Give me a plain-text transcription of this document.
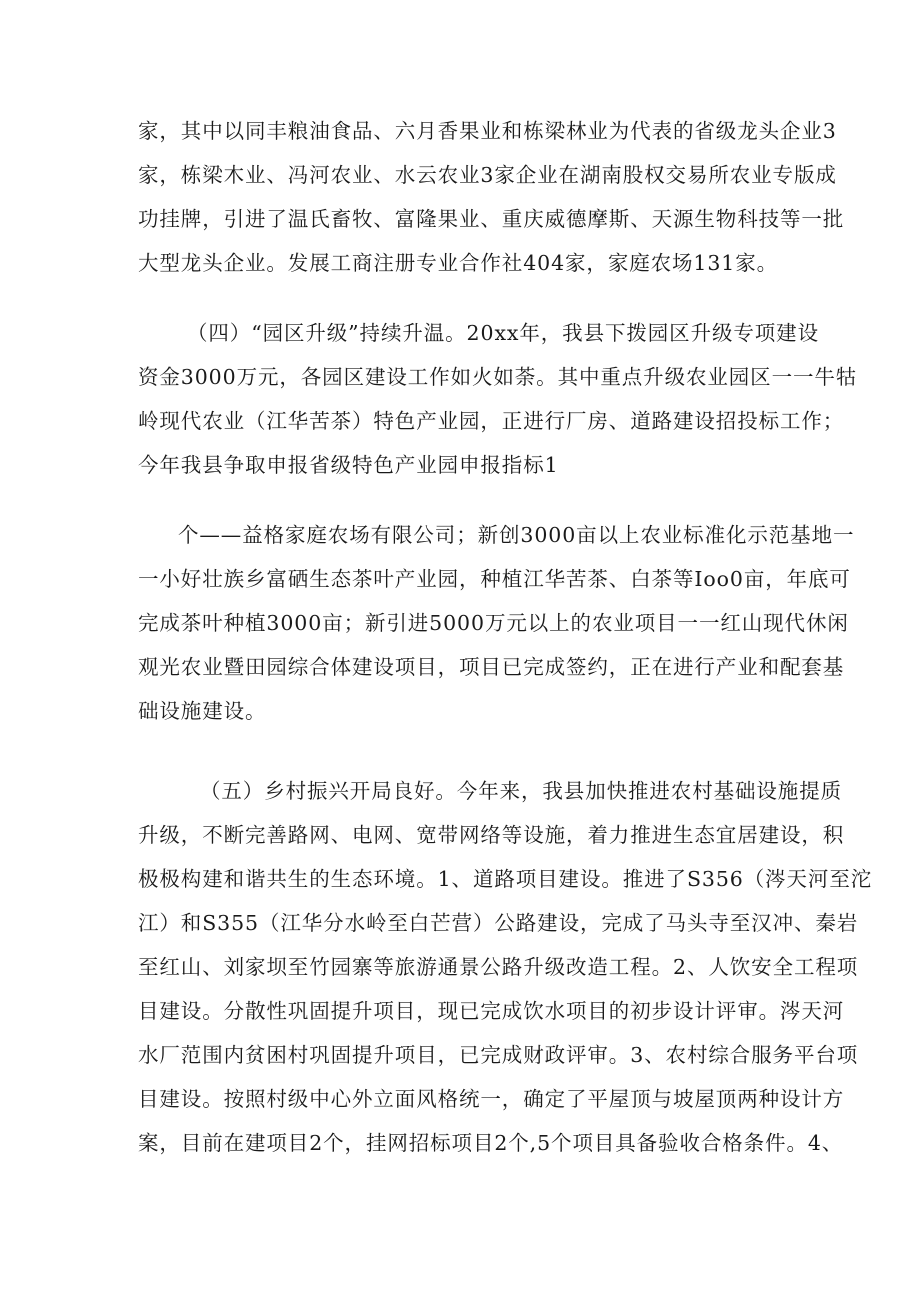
家，其中以同丰粮油食品、六月香果业和栋梁林业为代表的省级龙头企业3
家，栋梁木业、冯河农业、水云农业3家企业在湖南股权交易所农业专版成
功挂牌，引进了温氏畜牧、富隆果业、重庆威德摩斯、天源生物科技等一批
大型龙头企业。发展工商注册专业合作社404家，家庭农场131家。
（四）“园区升级”持续升温。20xx年，我县下拨园区升级专项建设
资金3000万元，各园区建设工作如火如荼。其中重点升级农业园区一一牛牯
岭现代农业（江华苦茶）特色产业园，正进行厂房、道路建设招投标工作；
今年我县争取申报省级特色产业园申报指标1
个——益格家庭农场有限公司；新创3000亩以上农业标准化示范基地一
一小好壮族乡富硒生态茶叶产业园，种植江华苦茶、白茶等Ioo0亩，年底可
完成茶叶种植3000亩；新引进5000万元以上的农业项目一一红山现代休闲
观光农业暨田园综合体建设项目，项目已完成签约，正在进行产业和配套基
础设施建设。
（五）乡村振兴开局良好。今年来，我县加快推进农村基础设施提质
升级，不断完善路网、电网、宽带网络等设施，着力推进生态宜居建设，积
极极构建和谐共生的生态环境。1、道路项目建设。推进了S356（涔天河至沱
江）和S355（江华分水岭至白芒营）公路建设，完成了马头寺至汉冲、秦岩
至红山、刘家坝至竹园寨等旅游通景公路升级改造工程。2、人饮安全工程项
目建设。分散性巩固提升项目，现已完成饮水项目的初步设计评审。涔天河
水厂范围内贫困村巩固提升项目，已完成财政评审。3、农村综合服务平台项
目建设。按照村级中心外立面风格统一，确定了平屋顶与坡屋顶两种设计方
案，目前在建项目2个，挂网招标项目2个,5个项目具备验收合格条件。4、
